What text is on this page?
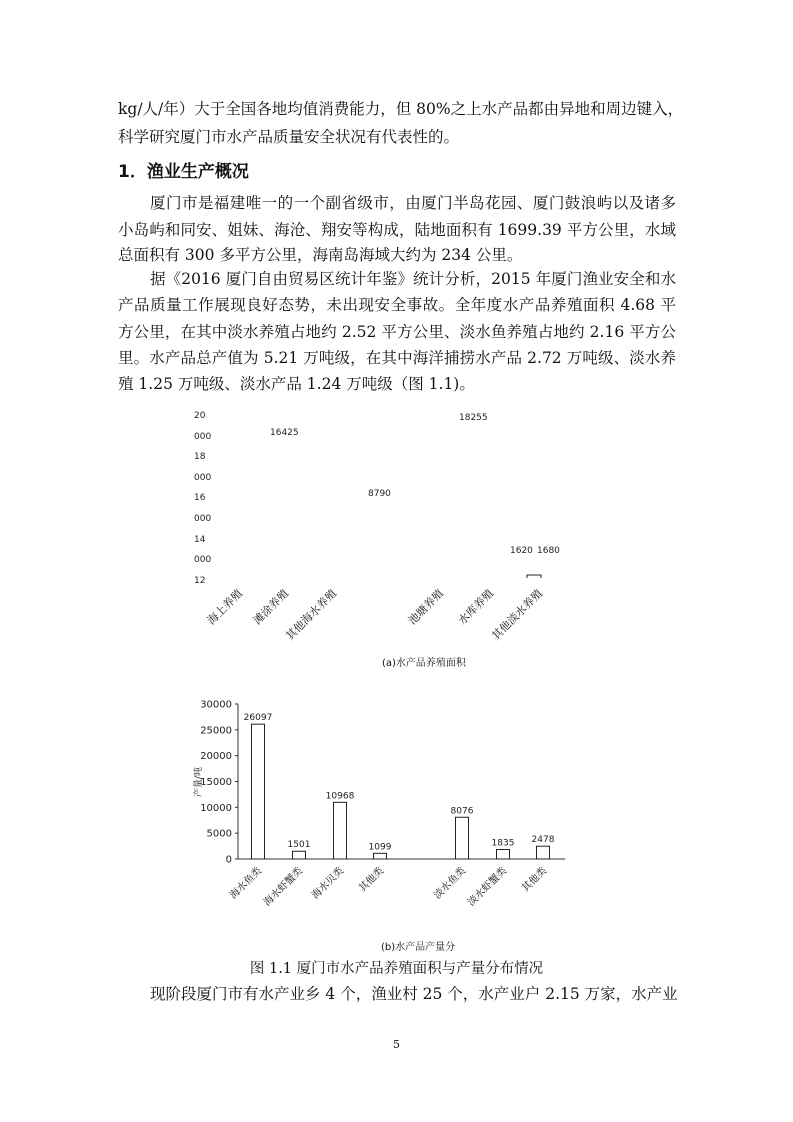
kg/人/年）大于全国各地均值消费能力，但 80%之上水产品都由异地和周边键入，
科学研究厦门市水产品质量安全状况有代表性的。
1．渔业生产概况
厦门市是福建唯一的一个副省级市，由厦门半岛花园、厦门鼓浪屿以及诸多
小岛屿和同安、姐妹、海沧、翔安等构成，陆地面积有 1699.39 平方公里，水域
总面积有 300 多平方公里，海南岛海域大约为 234 公里。
据《2016 厦门自由贸易区统计年鉴》统计分析，2015 年厦门渔业安全和水
产品质量工作展现良好态势，未出现安全事故。全年度水产品养殖面积 4.68 平
方公里，在其中淡水养殖占地约 2.52 平方公里、淡水鱼养殖占地约 2.16 平方公
里。水产品总产值为 5.21 万吨级，在其中海洋捕捞水产品 2.72 万吨级、淡水养
殖 1.25 万吨级、淡水产品 1.24 万吨级（图 1.1)。
20
000
18
000
16
000
14
000
12
海上养殖 滩涂养殖
其他海水养殖	池塘养殖 水库养殖
其他淡水养殖
16425
8790
18255
1620 1680
(a)水产品养殖面积
0
5000
10000
15000
20000
25000
30000
产量/吨
26097
海水鱼类
1501
海水虾蟹类
10968
海水贝类
1099
其他类
8076
淡水鱼类
1835
淡水虾蟹类
2478
其他类
(b)水产品产量分
图 1.1 厦门市水产品养殖面积与产量分布情况
现阶段厦门市有水产业乡 4 个，渔业村 25 个，水产业户 2.15 万家，水产业
5
